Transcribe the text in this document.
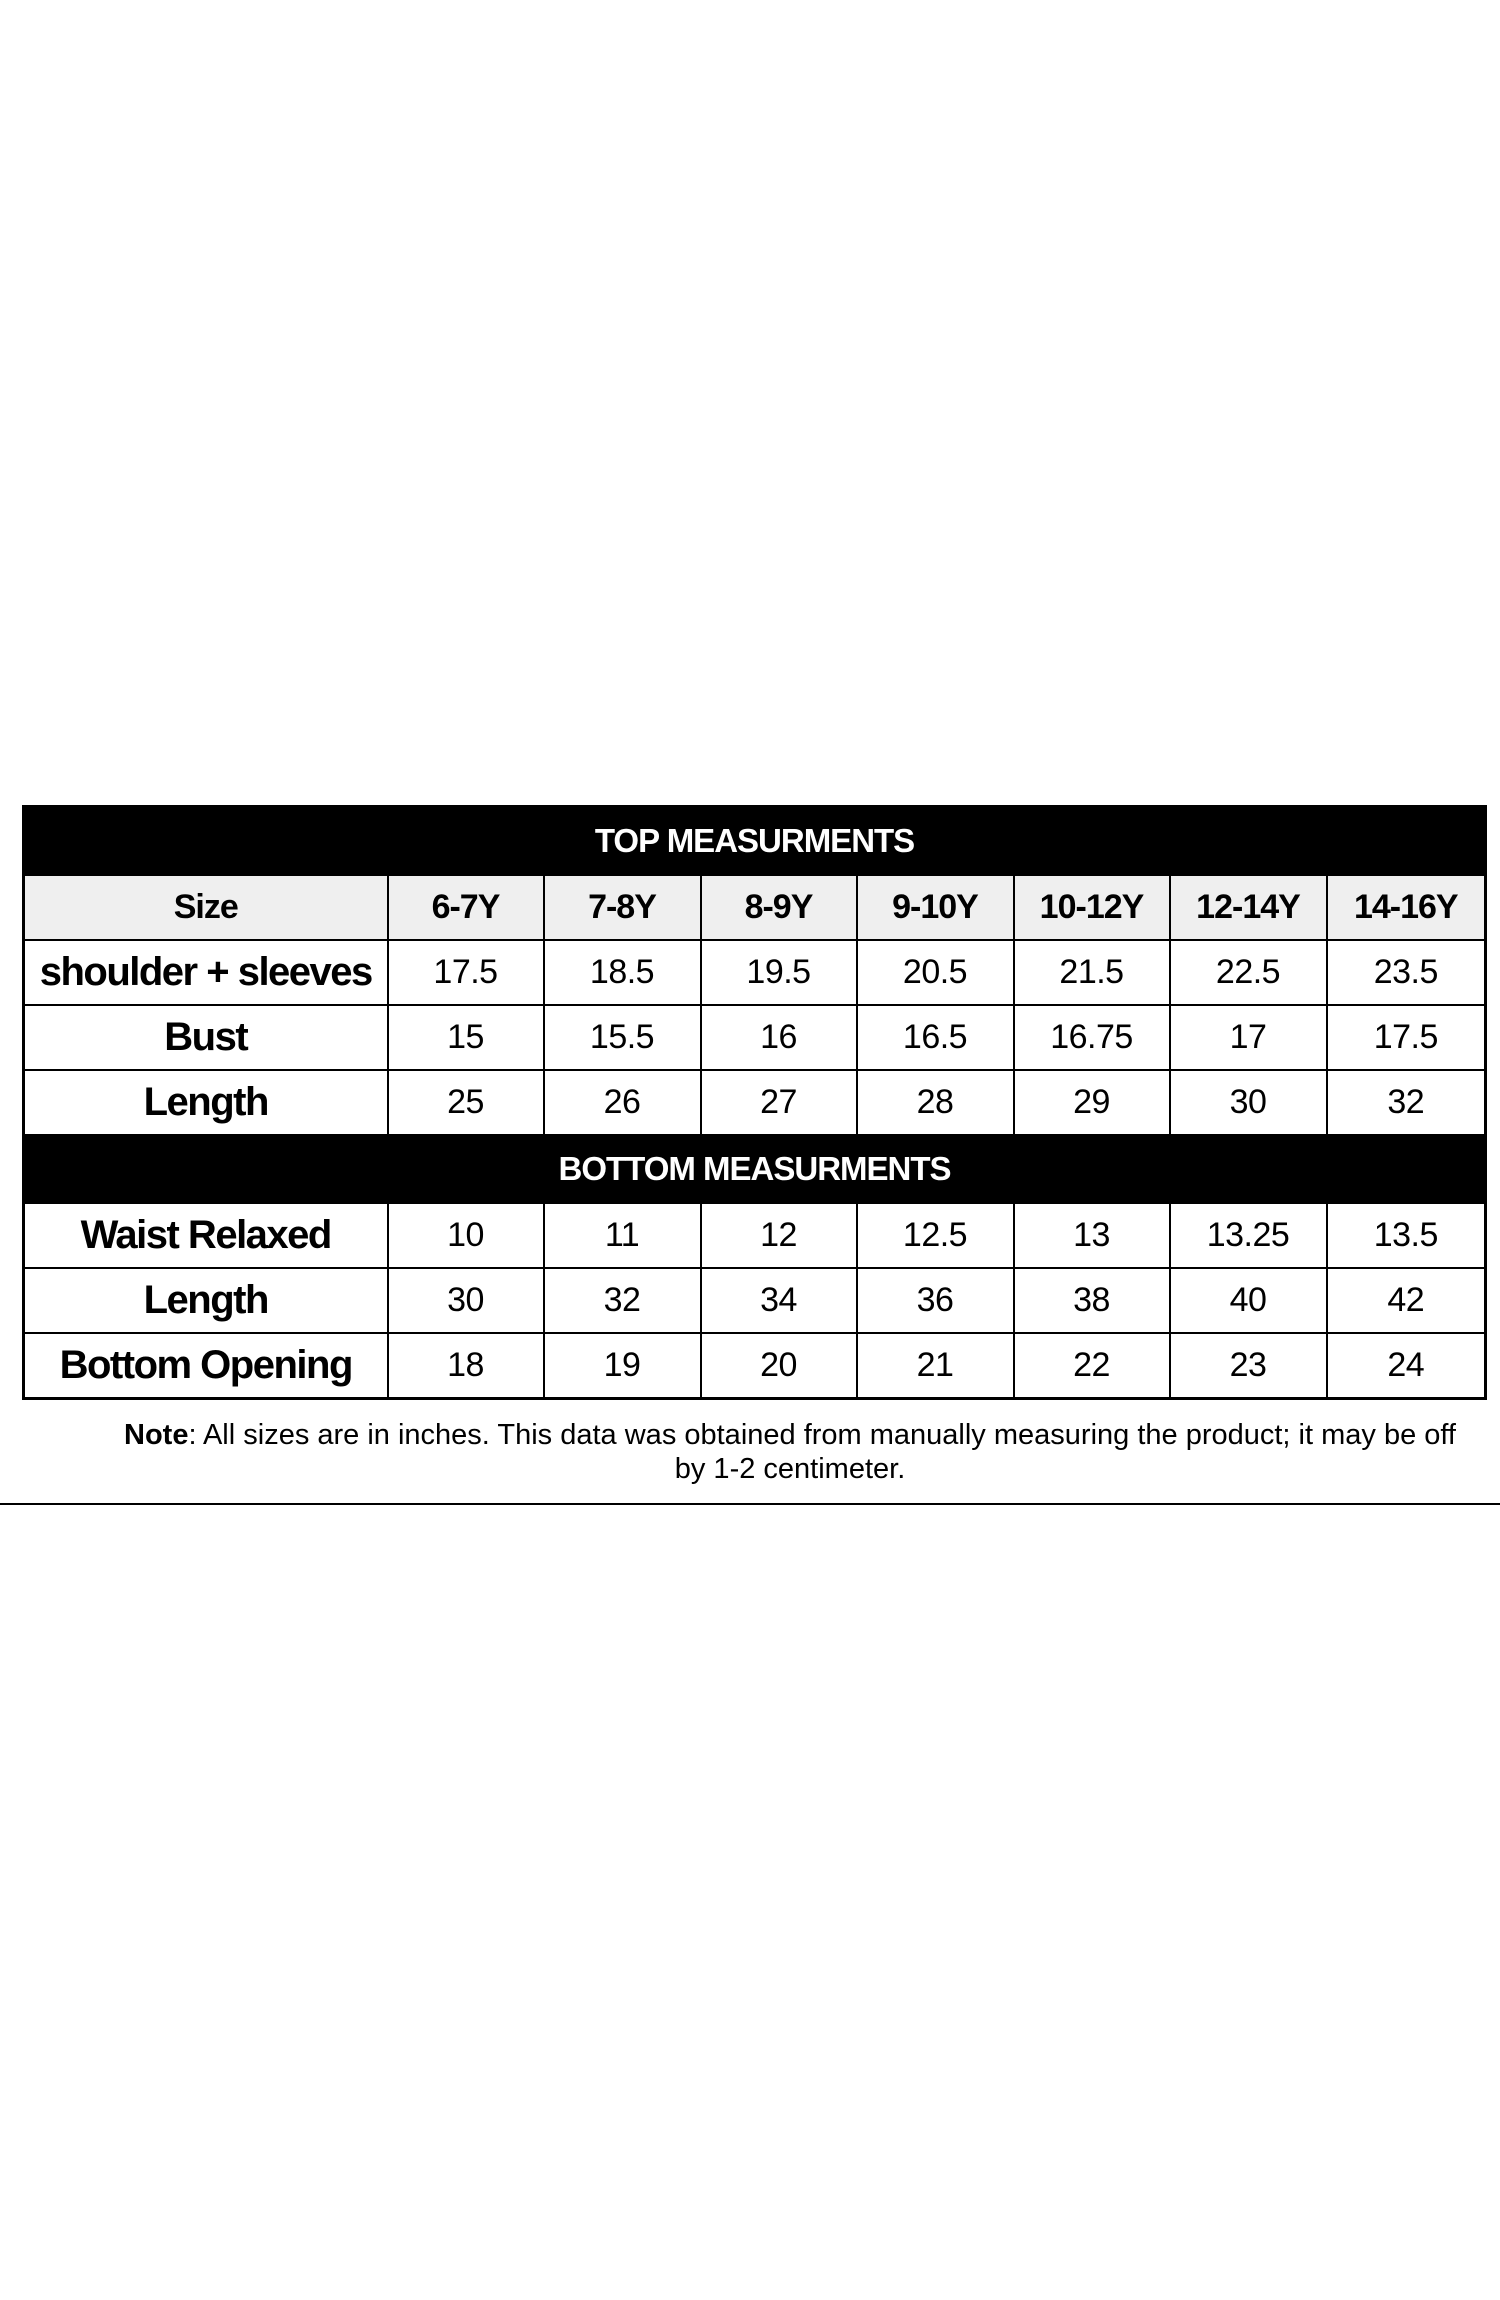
TOP MEASURMENTS							
Size	6-7Y	7-8Y	8-9Y	9-10Y	10-12Y	12-14Y	14-16Y
shoulder + sleeves	17.5	18.5	19.5	20.5	21.5	22.5	23.5
Bust	15	15.5	16	16.5	16.75	17	17.5
Length	25	26	27	28	29	30	32
BOTTOM MEASURMENTS							
Waist Relaxed	10	11	12	12.5	13	13.25	13.5
Length	30	32	34	36	38	40	42
Bottom Opening	18	19	20	21	22	23	24
Note: All sizes are in inches. This data was obtained from manually measuring the product; it may be off by 1-2 centimeter.
